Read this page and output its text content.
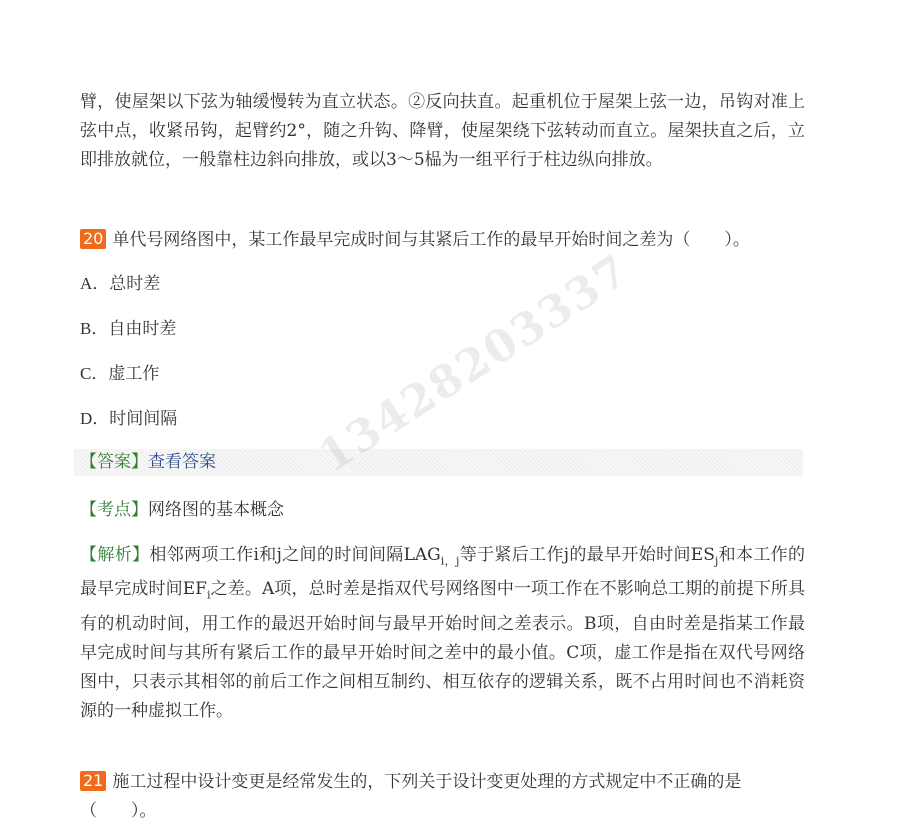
臂，使屋架以下弦为轴缓慢转为直立状态。②反向扶直。起重机位于屋架上弦一边，吊钩对准上弦中点，收紧吊钩，起臂约2°，随之升钩、降臂，使屋架绕下弦转动而直立。屋架扶直之后，立即排放就位，一般靠柱边斜向排放，或以3～5榀为一组平行于柱边纵向排放。

20 单代号网络图中，某工作最早完成时间与其紧后工作的最早开始时间之差为（　　）。
A．总时差
B．自由时差
C．虚工作
D．时间间隔
【答案】查看答案
【考点】网络图的基本概念

【解析】相邻两项工作i和j之间的时间间隔$LAG_{i,j}$等于紧后工作j的最早开始时间$ES_j$和本工作的最早完成时间$EF_i$之差。A项，总时差是指双代号网络图中一项工作在不影响总工期的前提下所具有的机动时间，用工作的最迟开始时间与最早开始时间之差表示。B项，自由时差是指某工作最早完成时间与其所有紧后工作的最早开始时间之差中的最小值。C项，虚工作是指在双代号网络图中，只表示其相邻的前后工作之间相互制约、相互依存的逻辑关系，既不占用时间也不消耗资源的一种虚拟工作。

21 施工过程中设计变更是经常发生的，下列关于设计变更处理的方式规定中不正确的是（　　）。
13428203337
